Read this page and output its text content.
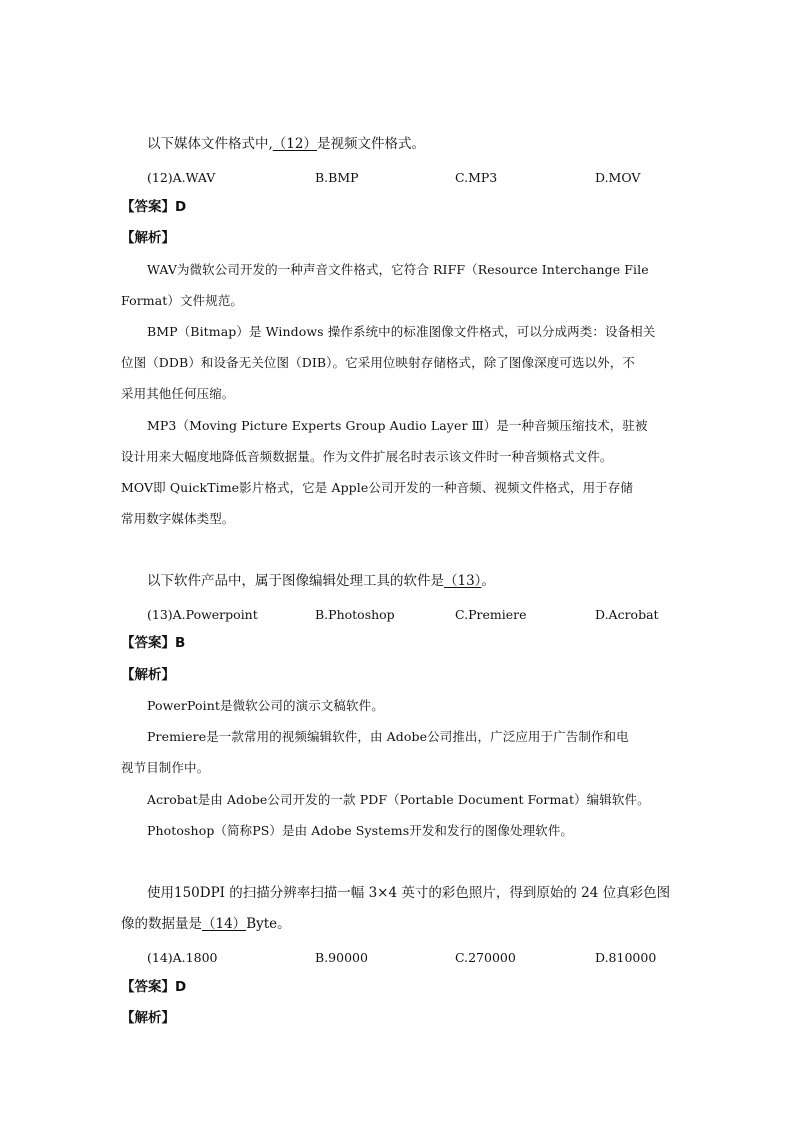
以下媒体文件格式中,（12）是视频文件格式。
(12)A.WAV	B.BMP	C.MP3	D.MOV
【答案】D
【解析】
WAV为微软公司开发的一种声音文件格式，它符合 RIFF（Resource Interchange File
Format）文件规范。
BMP（Bitmap）是 Windows 操作系统中的标准图像文件格式，可以分成两类：设备相关
位图（DDB）和设备无关位图（DIB）。它采用位映射存储格式，除了图像深度可选以外，不
采用其他任何压缩。
MP3（Moving Picture Experts Group Audio Layer Ⅲ）是一种音频压缩技术，驻被
设计用来大幅度地降低音频数据量。作为文件扩展名时表示该文件时一种音频格式文件。
MOV即 QuickTime影片格式，它是 Apple公司开发的一种音频、视频文件格式，用于存储
常用数字媒体类型。
以下软件产品中，属于图像编辑处理工具的软件是（13）。
(13)A.Powerpoint	B.Photoshop	C.Premiere	D.Acrobat
【答案】B
【解析】
PowerPoint是微软公司的演示文稿软件。
Premiere是一款常用的视频编辑软件，由 Adobe公司推出，广泛应用于广告制作和电
视节目制作中。
Acrobat是由 Adobe公司开发的一款 PDF（Portable Document Format）编辑软件。
Photoshop（简称PS）是由 Adobe Systems开发和发行的图像处理软件。
使用150DPI 的扫描分辨率扫描一幅 3×4 英寸的彩色照片，得到原始的 24 位真彩色图
像的数据量是（14）Byte。
(14)A.1800	B.90000	C.270000	D.810000
【答案】D
【解析】
